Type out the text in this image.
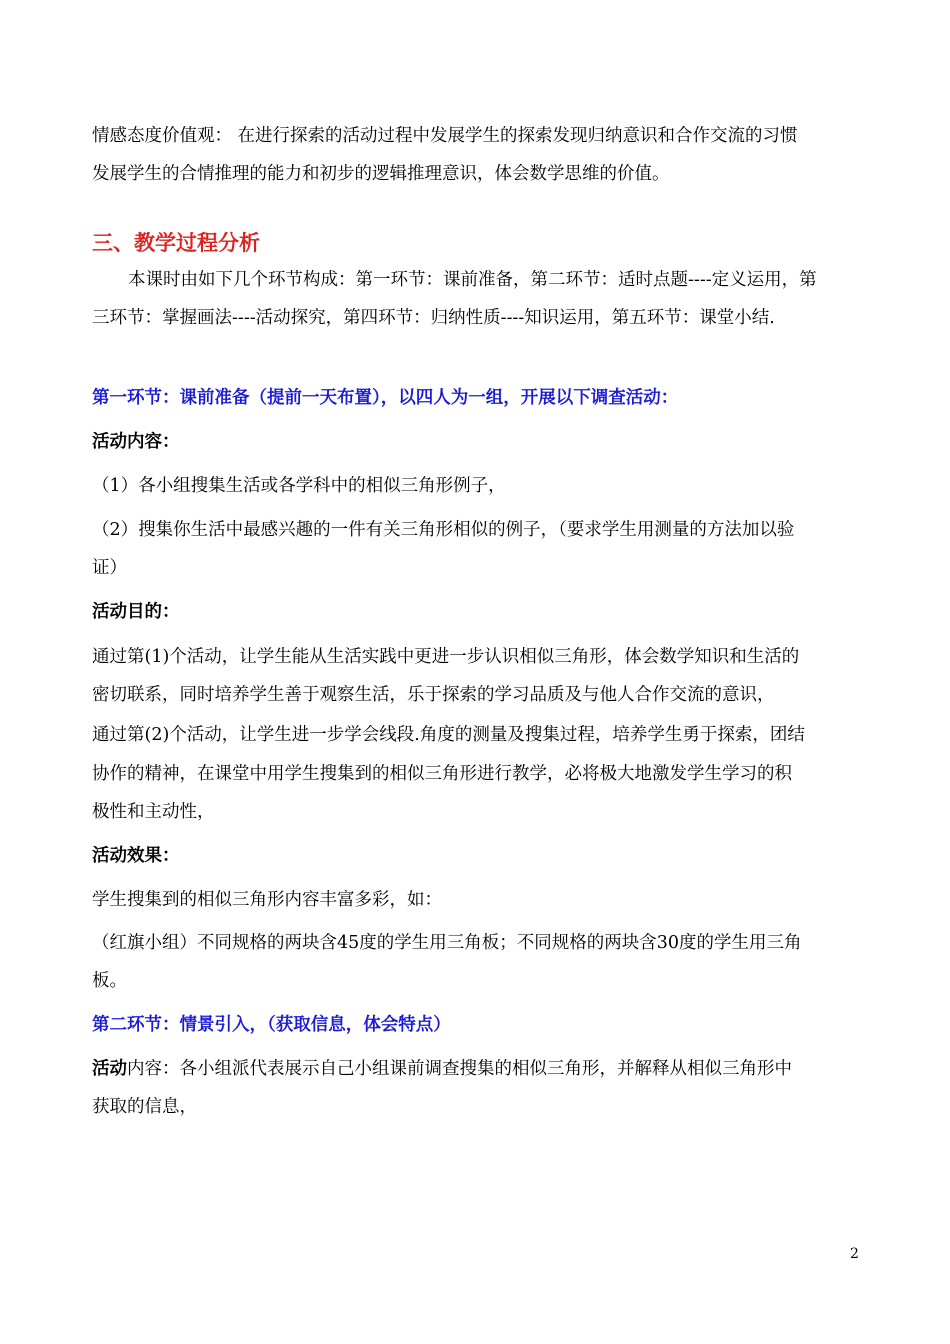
情感态度价值观： 在进行探索的活动过程中发展学生的探索发现归纳意识和合作交流的习惯
发展学生的合情推理的能力和初步的逻辑推理意识，体会数学思维的价值。
三、教学过程分析
本课时由如下几个环节构成：第一环节：课前准备，第二环节：适时点题----定义运用，第
三环节：掌握画法----活动探究，第四环节：归纳性质----知识运用，第五环节：课堂小结.
第一环节：课前准备（提前一天布置），以四人为一组，开展以下调查活动：
活动内容：
（1）各小组搜集生活或各学科中的相似三角形例子，
（2）搜集你生活中最感兴趣的一件有关三角形相似的例子，（要求学生用测量的方法加以验
证）
活动目的：
通过第(1)个活动，让学生能从生活实践中更进一步认识相似三角形，体会数学知识和生活的
密切联系，同时培养学生善于观察生活，乐于探索的学习品质及与他人合作交流的意识，
通过第(2)个活动，让学生进一步学会线段.角度的测量及搜集过程，培养学生勇于探索，团结
协作的精神，在课堂中用学生搜集到的相似三角形进行教学，必将极大地激发学生学习的积
极性和主动性，
活动效果：
学生搜集到的相似三角形内容丰富多彩，如：
（红旗小组）不同规格的两块含45度的学生用三角板；不同规格的两块含30度的学生用三角
板。
第二环节：情景引入，（获取信息，体会特点）
活动内容：各小组派代表展示自己小组课前调查搜集的相似三角形，并解释从相似三角形中
获取的信息，
2
